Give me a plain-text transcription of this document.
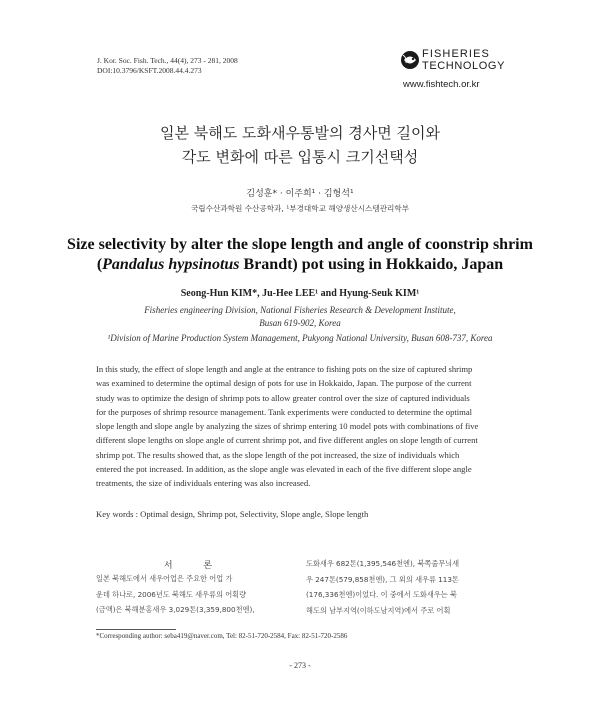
J. Kor. Soc. Fish. Tech., 44(4), 273 - 281, 2008
DOI:10.3796/KSFT.2008.44.4.273
FISHERIES
TECHNOLOGY
www.fishtech.or.kr
일본 북해도 도화새우통발의 경사면 길이와
각도 변화에 따른 입통시 크기선택성
김성훈* · 이주희¹ · 김형석¹
국립수산과학원 수산공학과, ¹부경대학교 해양생산시스템관리학부
Size selectivity by alter the slope length and angle of coonstrip shrim
(Pandalus hypsinotus Brandt) pot using in Hokkaido, Japan
Seong-Hun KIM*, Ju-Hee LEE¹ and Hyung-Seuk KIM¹
Fisheries engineering Division, National Fisheries Research & Development Institute,
Busan 619-902, Korea
¹Division of Marine Production System Management, Pukyong National University, Busan 608-737, Korea
In this study, the effect of slope length and angle at the entrance to fishing pots on the size of captured shrimp
was examined to determine the optimal design of pots for use in Hokkaido, Japan. The purpose of the current
study was to optimize the design of shrimp pots to allow greater control over the size of captured individuals
for the purposes of shrimp resource management. Tank experiments were conducted to determine the optimal
slope length and slope angle by analyzing the sizes of shrimp entering 10 model pots with combinations of five
different slope lengths on slope angle of current shrimp pot, and five different angles on slope length of current
shrimp pot. The results showed that, as the slope length of the pot increased, the size of individuals which
entered the pot increased. In addition, as the slope angle was elevated in each of the five different slope angle
treatments, the size of individuals entering was also increased.
Key words : Optimal design, Shrimp pot, Selectivity, Slope angle, Slope length
서 론
일본 북해도에서 새우어업은 주요한 어업 가
운데 하나로, 2006년도 북해도 새우류의 어획량
(금액)은 북해분홍새우 3,029톤(3,359,800천엔),
도화새우 682톤(1,395,546천엔), 북쪽줄무늬새
우 247톤(579,858천엔), 그 외의 새우류 113톤
(176,336천엔)이었다. 이 중에서 도화새우는 북
해도의 남부지역(이하도남지역)에서 주로 어획
*Corresponding author: seba419@naver.com, Tel: 82-51-720-2584, Fax: 82-51-720-2586
- 273 -
